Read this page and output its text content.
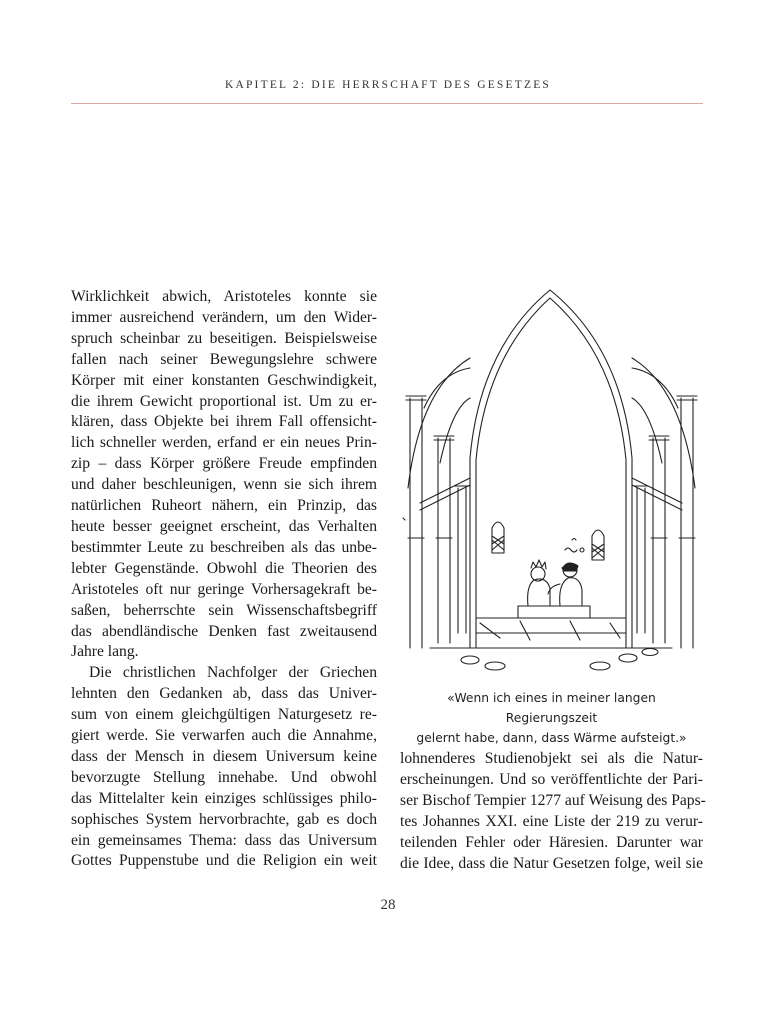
KAPITEL 2: DIE HERRSCHAFT DES GESETZES
Wirklichkeit abwich, Aristoteles konnte sie
immer ausreichend verändern, um den Wider-
spruch scheinbar zu beseitigen. Beispielsweise
fallen nach seiner Bewegungslehre schwere
Körper mit einer konstanten Geschwindigkeit,
die ihrem Gewicht proportional ist. Um zu er-
klären, dass Objekte bei ihrem Fall offensicht-
lich schneller werden, erfand er ein neues Prin-
zip – dass Körper größere Freude empfinden
und daher beschleunigen, wenn sie sich ihrem
natürlichen Ruheort nähern, ein Prinzip, das
heute besser geeignet erscheint, das Verhalten
bestimmter Leute zu beschreiben als das unbe-
lebter Gegenstände. Obwohl die Theorien des
Aristoteles oft nur geringe Vorhersagekraft be-
saßen, beherrschte sein Wissenschaftsbegriff
das abendländische Denken fast zweitausend
Jahre lang.
Die christlichen Nachfolger der Griechen
lehnten den Gedanken ab, dass das Univer-
sum von einem gleichgültigen Naturgesetz re-
giert werde. Sie verwarfen auch die Annahme,
dass der Mensch in diesem Universum keine
bevorzugte Stellung innehabe. Und obwohl
das Mittelalter kein einziges schlüssiges philo-
sophisches System hervorbrachte, gab es doch
ein gemeinsames Thema: dass das Universum
Gottes Puppenstube und die Religion ein weit
«Wenn ich eines in meiner langen Regierungszeit
gelernt habe, dann, dass Wärme aufsteigt.»
lohnenderes Studienobjekt sei als die Natur-
erscheinungen. Und so veröffentlichte der Pari-
ser Bischof Tempier 1277 auf Weisung des Paps-
tes Johannes XXI. eine Liste der 219 zu verur-
teilenden Fehler oder Häresien. Darunter war
die Idee, dass die Natur Gesetzen folge, weil sie
28
